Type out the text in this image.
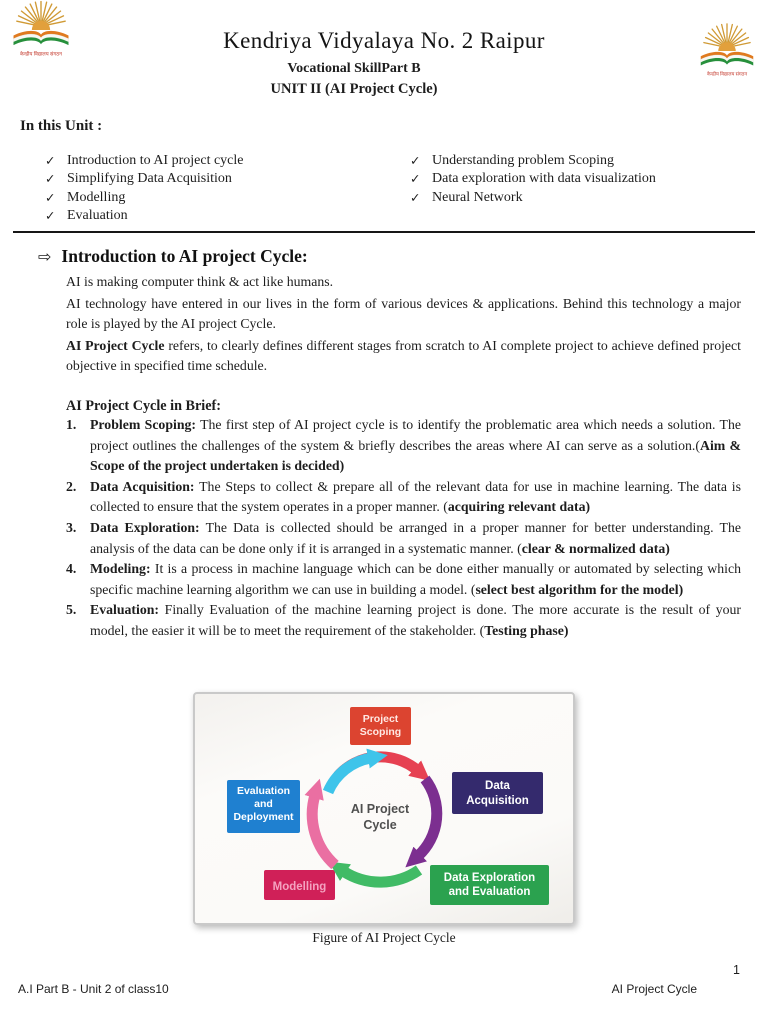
केन्द्रीय विद्यालय संगठन
केन्द्रीय विद्यालय संगठन
Kendriya Vidyalaya No. 2 Raipur
Vocational SkillPart B
UNIT II (AI Project Cycle)
In this Unit :
✓ Introduction to AI project cycle
✓ Simplifying Data Acquisition
✓ Modelling
✓ Evaluation
✓ Understanding problem Scoping
✓ Data exploration with data visualization
✓ Neural Network
⇨ Introduction to AI project Cycle:
AI is making computer think & act like humans.
AI technology have entered in our lives in the form of various devices & applications. Behind this technology a major role is played by the AI project Cycle.
AI Project Cycle refers, to clearly defines different stages from scratch to AI complete project to achieve defined project objective in specified time schedule.
AI Project Cycle in Brief:
1. Problem Scoping: The first step of AI project cycle is to identify the problematic area which needs a solution. The project outlines the challenges of the system & briefly describes the areas where AI can serve as a solution.(Aim & Scope of the project undertaken is decided)
2. Data Acquisition: The Steps to collect & prepare all of the relevant data for use in machine learning. The data is collected to ensure that the system operates in a proper manner. (acquiring relevant data)
3. Data Exploration: The Data is collected should be arranged in a proper manner for better understanding. The analysis of the data can be done only if it is arranged in a systematic manner. (clear & normalized data)
4. Modeling: It is a process in machine language which can be done either manually or automated by selecting which specific machine learning algorithm we can use in building a model. (select best algorithm for the model)
5. Evaluation: Finally Evaluation of the machine learning project is done. The more accurate is the result of your model, the easier it will be to meet the requirement of the stakeholder. (Testing phase)
Project
Scoping
Data
Acquisition
Data Exploration
and Evaluation
Modelling
Evaluation
and
Deployment
AI Project
Cycle
Figure of AI Project Cycle
1
A.I Part B - Unit 2 of class10	AI Project Cycle
